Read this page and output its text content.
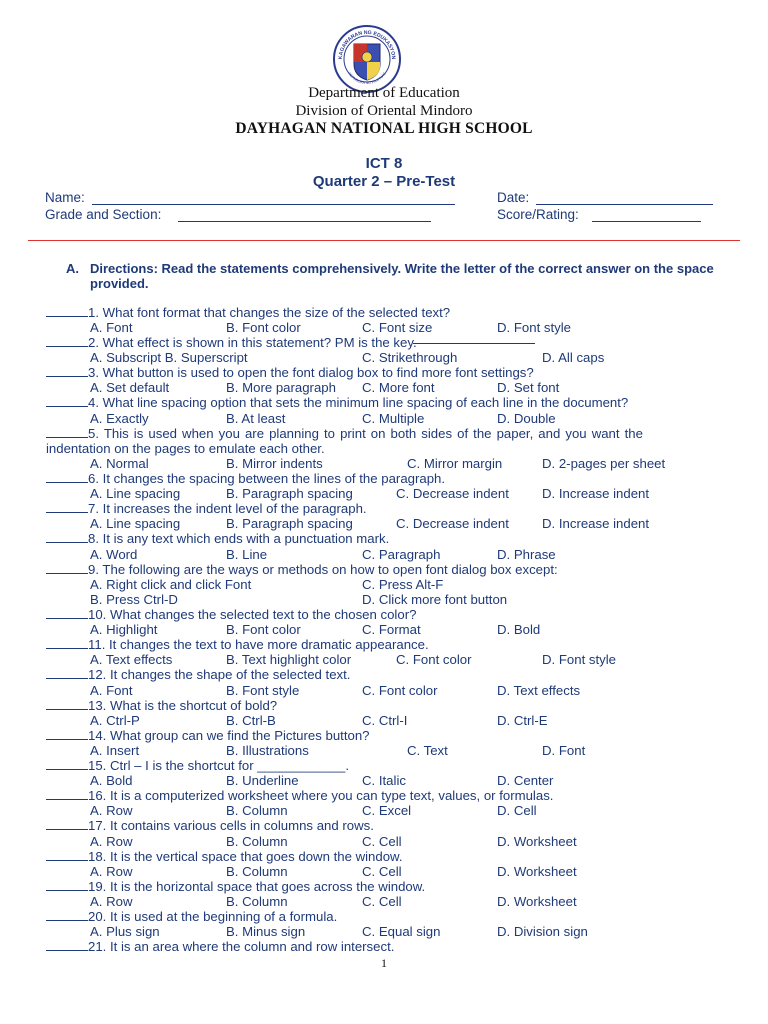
KAGAWARAN NG EDUKASYON
REPUBLIKA NG PILIPINAS
Department of Education
Division of Oriental Mindoro
DAYHAGAN NATIONAL HIGH SCHOOL
ICT 8
Quarter 2 – Pre-Test
Name:	Date:
Grade and Section:	Score/Rating:
A. Directions: Read the statements comprehensively. Write the letter of the correct answer on the space provided.
1. What font format that changes the size of the selected text?
A. Font	B. Font color	C. Font size	D. Font style
2. What effect is shown in this statement? PM is the key.
A. Subscript B. Superscript	C. Strikethrough	D. All caps
3. What button is used to open the font dialog box to find more font settings?
A. Set default	B. More paragraph C. More font	D. Set font
4. What line spacing option that sets the minimum line spacing of each line in the document?
A. Exactly	B. At least	C. Multiple	D. Double
5. This is used when you are planning to print on both sides of the paper, and you want the
indentation on the pages to emulate each other.
A. Normal	B. Mirror indents	C. Mirror margin	D. 2-pages per sheet
6. It changes the spacing between the lines of the paragraph.
A. Line spacing	B. Paragraph spacing	C. Decrease indent	D. Increase indent
7. It increases the indent level of the paragraph.
A. Line spacing	B. Paragraph spacing	C. Decrease indent	D. Increase indent
8. It is any text which ends with a punctuation mark.
A. Word	B. Line	C. Paragraph	D. Phrase
9. The following are the ways or methods on how to open font dialog box except:
A. Right click and click Font	C. Press Alt-F
B. Press Ctrl-D	D. Click more font button
10. What changes the selected text to the chosen color?
A. Highlight	B. Font color	C. Format	D. Bold
11. It changes the text to have more dramatic appearance.
A. Text effects	B. Text highlight color	C. Font color	D. Font style
12. It changes the shape of the selected text.
A. Font	B. Font style	C. Font color	D. Text effects
13. What is the shortcut of bold?
A. Ctrl-P	B. Ctrl-B	C. Ctrl-I	D. Ctrl-E
14. What group can we find the Pictures button?
A. Insert	B. Illustrations	C. Text	D. Font
15. Ctrl – I is the shortcut for ____________.
A. Bold	B. Underline	C. Italic	D. Center
16. It is a computerized worksheet where you can type text, values, or formulas.
A. Row	B. Column	C. Excel	D. Cell
17. It contains various cells in columns and rows.
A. Row	B. Column	C. Cell	D. Worksheet
18. It is the vertical space that goes down the window.
A. Row	B. Column	C. Cell	D. Worksheet
19. It is the horizontal space that goes across the window.
A. Row	B. Column	C. Cell	D. Worksheet
20. It is used at the beginning of a formula.
A. Plus sign	B. Minus sign	C. Equal sign	D. Division sign
21. It is an area where the column and row intersect.
1
